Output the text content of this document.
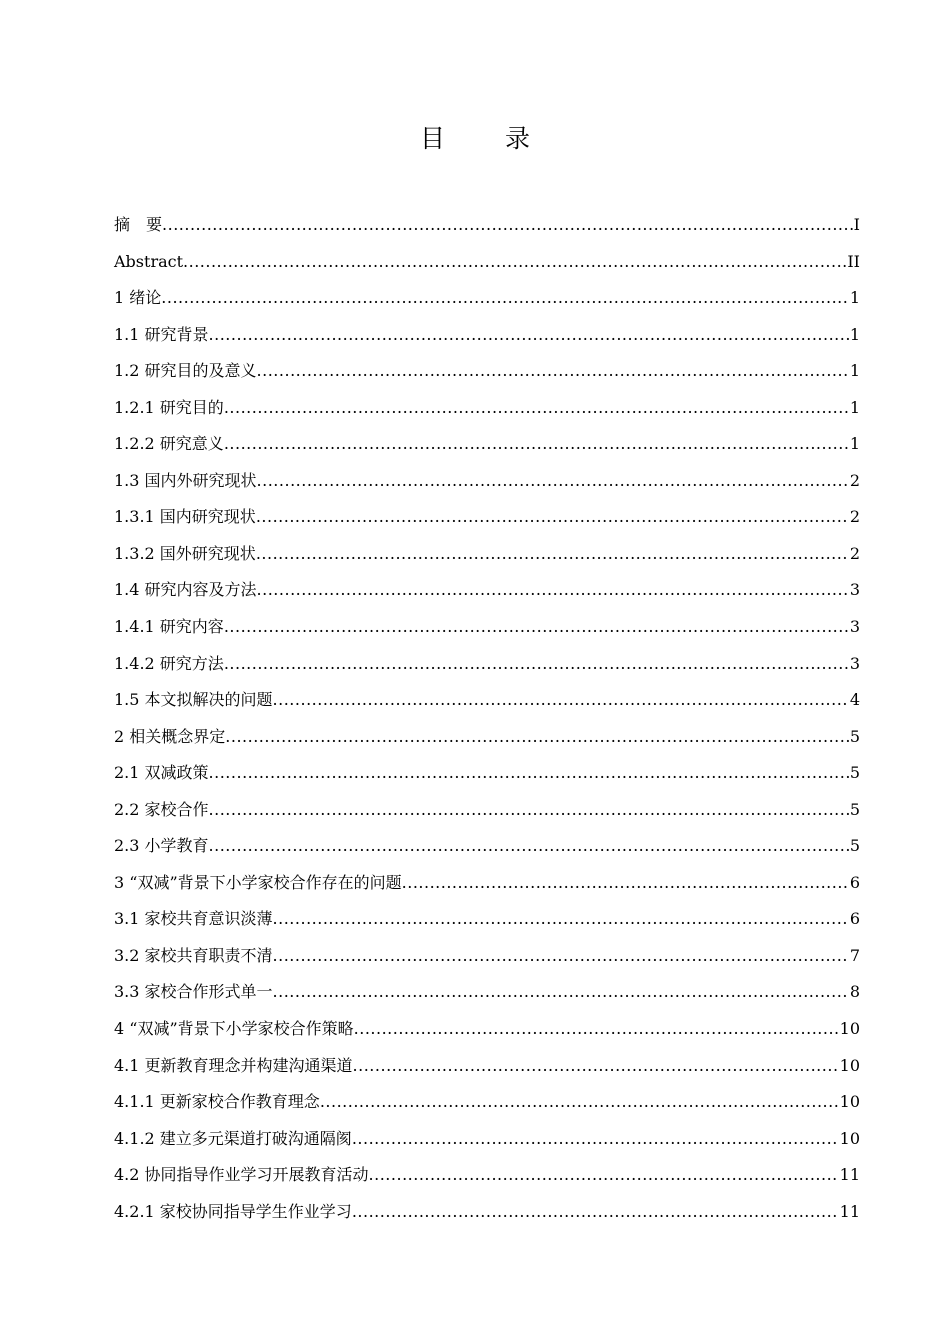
目 录
摘　要 .....	I
Abstract .....	II
1 绪论 .....	1
1.1 研究背景 .....	1
1.2 研究目的及意义 .....	1
1.2.1 研究目的 .....	1
1.2.2 研究意义 .....	1
1.3 国内外研究现状 .....	2
1.3.1 国内研究现状 .....	2
1.3.2 国外研究现状 .....	2
1.4 研究内容及方法 .....	3
1.4.1 研究内容 .....	3
1.4.2 研究方法 .....	3
1.5 本文拟解决的问题 .....	4
2 相关概念界定 .....	5
2.1 双减政策 .....	5
2.2 家校合作 .....	5
2.3 小学教育 .....	5
3 “双减”背景下小学家校合作存在的问题 .....	6
3.1 家校共育意识淡薄 .....	6
3.2 家校共育职责不清 .....	7
3.3 家校合作形式单一 .....	8
4 “双减”背景下小学家校合作策略 .....	10
4.1 更新教育理念并构建沟通渠道 .....	10
4.1.1 更新家校合作教育理念 .....	10
4.1.2 建立多元渠道打破沟通隔阂 .....	10
4.2 协同指导作业学习开展教育活动 .....	11
4.2.1 家校协同指导学生作业学习 .....	11
